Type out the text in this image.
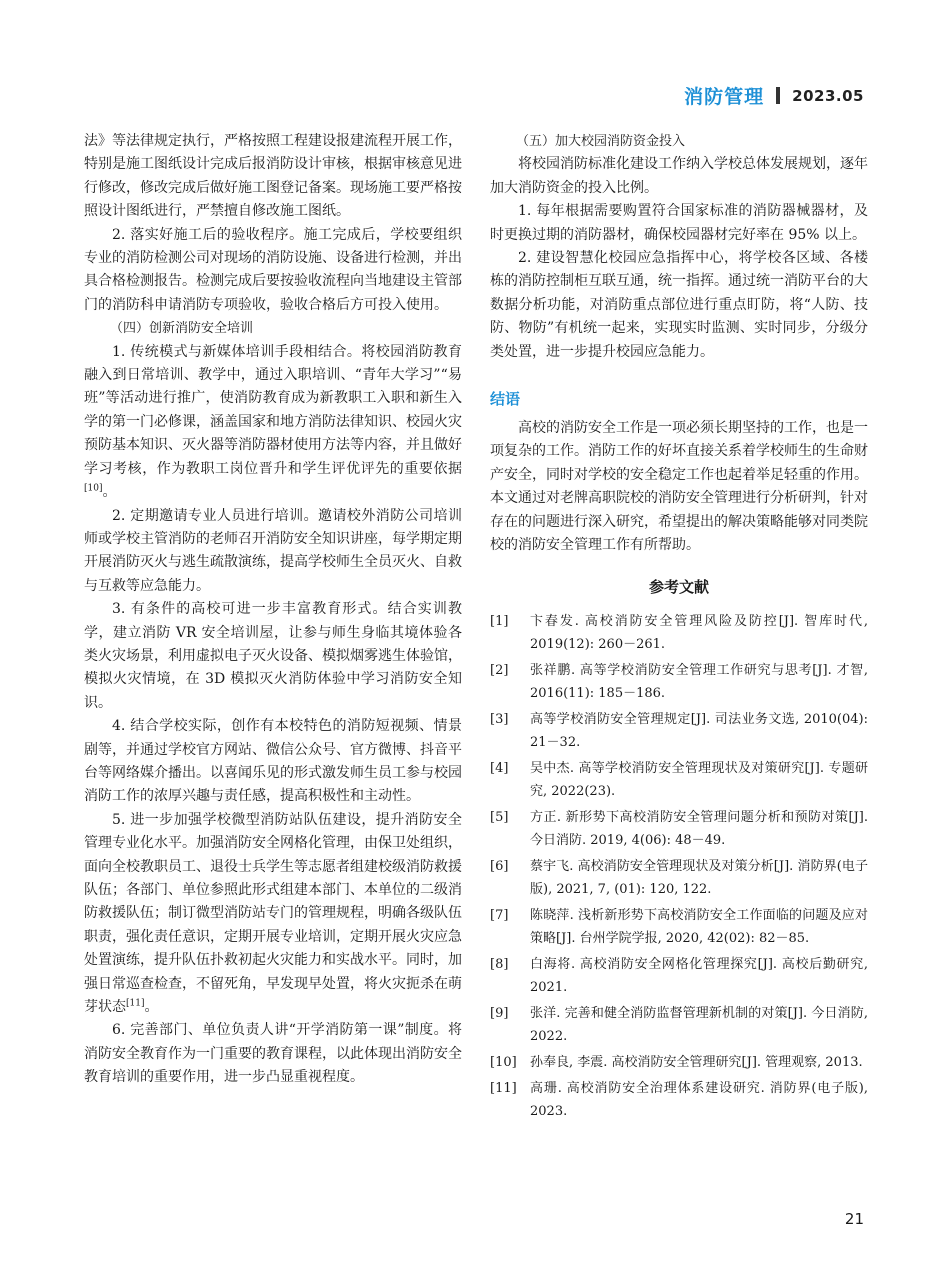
消防管理 2023.05

法》等法律规定执行，严格按照工程建设报建流程开展工作，特别是施工图纸设计完成后报消防设计审核，根据审核意见进行修改，修改完成后做好施工图登记备案。现场施工要严格按照设计图纸进行，严禁擅自修改施工图纸。

2. 落实好施工后的验收程序。施工完成后，学校要组织专业的消防检测公司对现场的消防设施、设备进行检测，并出具合格检测报告。检测完成后要按验收流程向当地建设主管部门的消防科申请消防专项验收，验收合格后方可投入使用。

（四）创新消防安全培训

1. 传统模式与新媒体培训手段相结合。将校园消防教育融入到日常培训、教学中，通过入职培训、“青年大学习”“易班”等活动进行推广，使消防教育成为新教职工入职和新生入学的第一门必修课，涵盖国家和地方消防法律知识、校园火灾预防基本知识、灭火器等消防器材使用方法等内容，并且做好学习考核，作为教职工岗位晋升和学生评优评先的重要依据[10]。

2. 定期邀请专业人员进行培训。邀请校外消防公司培训师或学校主管消防的老师召开消防安全知识讲座，每学期定期开展消防灭火与逃生疏散演练，提高学校师生全员灭火、自救与互救等应急能力。

3. 有条件的高校可进一步丰富教育形式。结合实训教学，建立消防 VR 安全培训屋，让参与师生身临其境体验各类火灾场景，利用虚拟电子灭火设备、模拟烟雾逃生体验馆，模拟火灾情境，在 3D 模拟灭火消防体验中学习消防安全知识。

4. 结合学校实际，创作有本校特色的消防短视频、情景剧等，并通过学校官方网站、微信公众号、官方微博、抖音平台等网络媒介播出。以喜闻乐见的形式激发师生员工参与校园消防工作的浓厚兴趣与责任感，提高积极性和主动性。

5. 进一步加强学校微型消防站队伍建设，提升消防安全管理专业化水平。加强消防安全网格化管理，由保卫处组织，面向全校教职员工、退役士兵学生等志愿者组建校级消防救援队伍；各部门、单位参照此形式组建本部门、本单位的二级消防救援队伍；制订微型消防站专门的管理规程，明确各级队伍职责，强化责任意识，定期开展专业培训，定期开展火灾应急处置演练，提升队伍扑救初起火灾能力和实战水平。同时，加强日常巡查检查，不留死角，早发现早处置，将火灾扼杀在萌芽状态[11]。

6. 完善部门、单位负责人讲“开学消防第一课”制度。将消防安全教育作为一门重要的教育课程，以此体现出消防安全教育培训的重要作用，进一步凸显重视程度。

（五）加大校园消防资金投入

将校园消防标准化建设工作纳入学校总体发展规划，逐年加大消防资金的投入比例。

1. 每年根据需要购置符合国家标准的消防器械器材，及时更换过期的消防器材，确保校园器材完好率在 95% 以上。

2. 建设智慧化校园应急指挥中心，将学校各区域、各楼栋的消防控制柜互联互通，统一指挥。通过统一消防平台的大数据分析功能，对消防重点部位进行重点盯防，将“人防、技防、物防”有机统一起来，实现实时监测、实时同步，分级分类处置，进一步提升校园应急能力。

结语

高校的消防安全工作是一项必须长期坚持的工作，也是一项复杂的工作。消防工作的好坏直接关系着学校师生的生命财产安全，同时对学校的安全稳定工作也起着举足轻重的作用。本文通过对老牌高职院校的消防安全管理进行分析研判，针对存在的问题进行深入研究，希望提出的解决策略能够对同类院校的消防安全管理工作有所帮助。

参考文献
[1] 卞春发. 高校消防安全管理风险及防控[J]. 智库时代, 2019(12): 260－261.
[2] 张祥鹏. 高等学校消防安全管理工作研究与思考[J]. 才智, 2016(11): 185－186.
[3] 高等学校消防安全管理规定[J]. 司法业务文选, 2010(04): 21－32.
[4] 吴中杰. 高等学校消防安全管理现状及对策研究[J]. 专题研究, 2022(23).
[5] 方正. 新形势下高校消防安全管理问题分析和预防对策[J]. 今日消防. 2019, 4(06): 48－49.
[6] 蔡宇飞. 高校消防安全管理现状及对策分析[J]. 消防界(电子版), 2021, 7, (01): 120, 122.
[7] 陈晓萍. 浅析新形势下高校消防安全工作面临的问题及应对策略[J]. 台州学院学报, 2020, 42(02): 82－85.
[8] 白海将. 高校消防安全网格化管理探究[J]. 高校后勤研究, 2021.
[9] 张洋. 完善和健全消防监督管理新机制的对策[J]. 今日消防, 2022.
[10] 孙奉良, 李震. 高校消防安全管理研究[J]. 管理观察, 2013.
[11] 高珊. 高校消防安全治理体系建设研究. 消防界(电子版), 2023.
21
